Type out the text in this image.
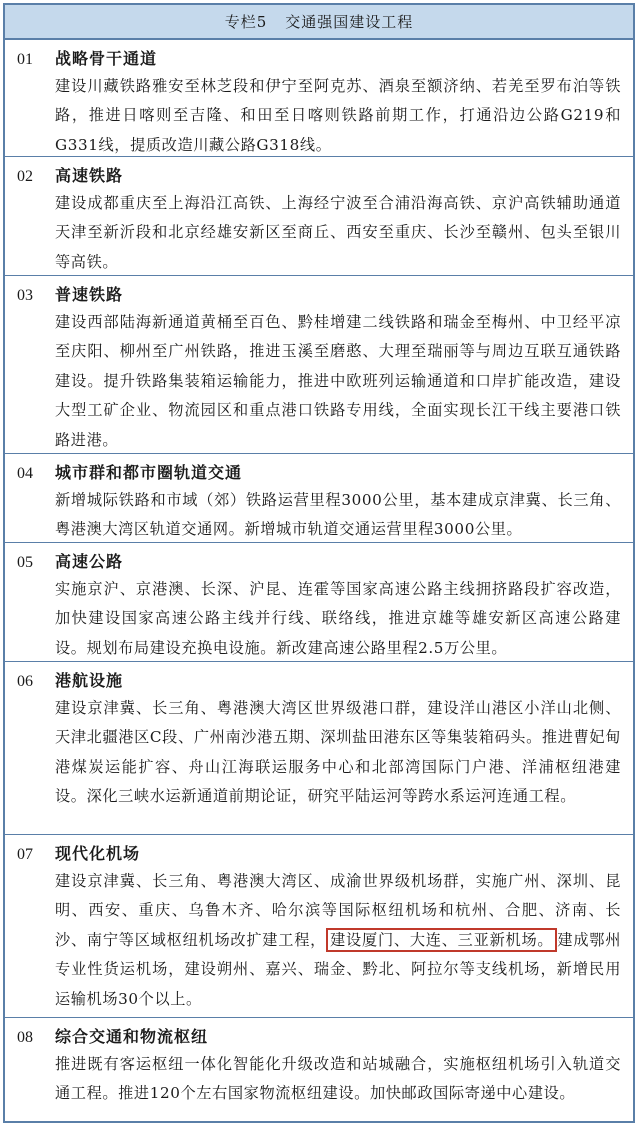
专栏5 交通强国建设工程
01	战略骨干通道
建设川藏铁路雅安至林芝段和伊宁至阿克苏、酒泉至额济纳、若羌至罗布泊等铁路，推进日喀则至吉隆、和田至日喀则铁路前期工作，打通沿边公路G219和G331线，提质改造川藏公路G318线。
02	高速铁路
建设成都重庆至上海沿江高铁、上海经宁波至合浦沿海高铁、京沪高铁辅助通道天津至新沂段和北京经雄安新区至商丘、西安至重庆、长沙至赣州、包头至银川等高铁。
03	普速铁路
建设西部陆海新通道黄桶至百色、黔桂增建二线铁路和瑞金至梅州、中卫经平凉至庆阳、柳州至广州铁路，推进玉溪至磨憨、大理至瑞丽等与周边互联互通铁路建设。提升铁路集装箱运输能力，推进中欧班列运输通道和口岸扩能改造，建设大型工矿企业、物流园区和重点港口铁路专用线，全面实现长江干线主要港口铁路进港。
04	城市群和都市圈轨道交通
新增城际铁路和市域（郊）铁路运营里程3000公里，基本建成京津冀、长三角、粤港澳大湾区轨道交通网。新增城市轨道交通运营里程3000公里。
05	高速公路
实施京沪、京港澳、长深、沪昆、连霍等国家高速公路主线拥挤路段扩容改造，加快建设国家高速公路主线并行线、联络线，推进京雄等雄安新区高速公路建设。规划布局建设充换电设施。新改建高速公路里程2.5万公里。
06	港航设施
建设京津冀、长三角、粤港澳大湾区世界级港口群，建设洋山港区小洋山北侧、天津北疆港区C段、广州南沙港五期、深圳盐田港东区等集装箱码头。推进曹妃甸港煤炭运能扩容、舟山江海联运服务中心和北部湾国际门户港、洋浦枢纽港建设。深化三峡水运新通道前期论证，研究平陆运河等跨水系运河连通工程。
07	现代化机场
建设京津冀、长三角、粤港澳大湾区、成渝世界级机场群，实施广州、深圳、昆明、西安、重庆、乌鲁木齐、哈尔滨等国际枢纽机场和杭州、合肥、济南、长沙、南宁等区域枢纽机场改扩建工程， 建设厦门、大连、三亚新机场。 建成鄂州专业性货运机场，建设朔州、嘉兴、瑞金、黔北、阿拉尔等支线机场，新增民用运输机场30个以上。
08	综合交通和物流枢纽
推进既有客运枢纽一体化智能化升级改造和站城融合，实施枢纽机场引入轨道交通工程。推进120个左右国家物流枢纽建设。加快邮政国际寄递中心建设。
